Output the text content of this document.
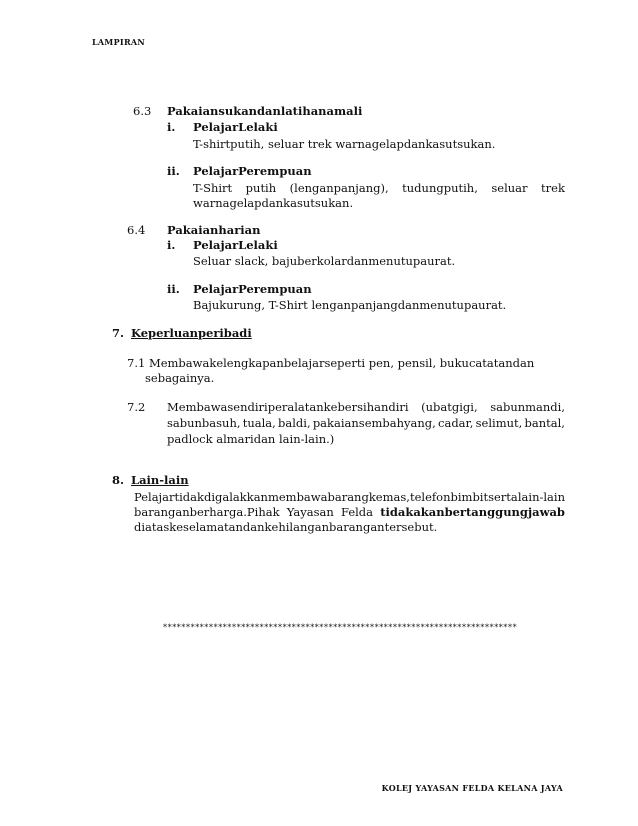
LAMPIRAN
6.3 Pakaiansukandanlatihanamali
i. PelajarLelaki
T-shirtputih, seluar trek warnagelapdankasutsukan.
ii. PelajarPerempuan
T-Shirt putih (lenganpanjang), tudungputih, seluar trek
warnagelapdankasutsukan.
6.4 Pakaianharian
i. PelajarLelaki
Seluar slack, bajuberkolardanmenutupaurat.
ii. PelajarPerempuan
Bajukurung, T-Shirt lenganpanjangdanmenutupaurat.
7. Keperluanperibadi
7.1 Membawakelengkapanbelajarseperti pen, pensil, bukucatatandan
sebagainya.
7.2 Membawasendiriperalatankebersihandiri (ubatgigi, sabunmandi,
sabunbasuh, tuala, baldi, pakaiansembahyang, cadar, selimut, bantal,
padlock almaridan lain-lain.)
8. Lain-lain
Pelajartidakdigalakkanmembawabarangkemas, telefonbimbitserta lain-lain
baranganberharga.Pihak Yayasan Felda tidakakanbertanggungjawab
diataskeselamatandankehilanganbarangantersebut.
*****************************************************************************
KOLEJ YAYASAN FELDA KELANA JAYA
